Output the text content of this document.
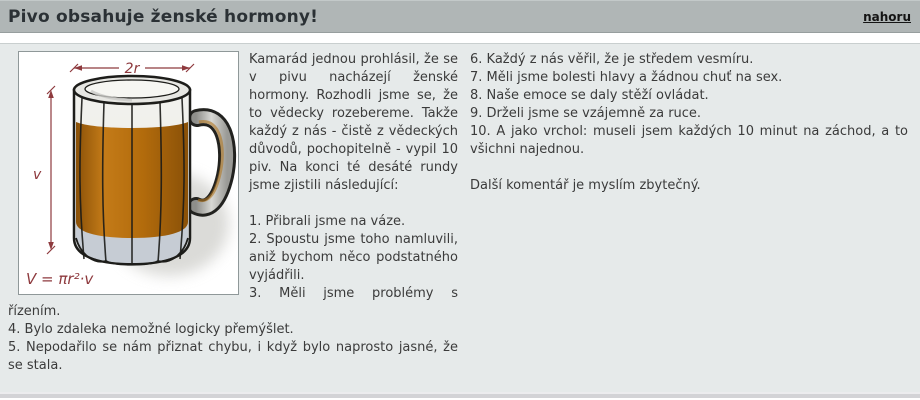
Pivo obsahuje ženské hormony!	nahoru
2r
v
V = πr²·v

Kamarád jednou prohlásil, že se v pivu nacházejí ženské hormony. Rozhodli jsme se, že to vědecky rozebereme. Takže každý z nás - čistě z vědeckých důvodů, pochopitelně - vypil 10 piv. Na konci té desáté rundy jsme zjistili následující:

1. Přibrali jsme na váze.
2. Spoustu jsme toho namluvili, aniž bychom něco podstatného vyjádřili.
3. Měli jsme problémy s řízením.
4. Bylo zdaleka nemožné logicky přemýšlet.
5. Nepodařilo se nám přiznat chybu, i když bylo naprosto jasné, že se stala.
6. Každý z nás věřil, že je středem vesmíru.
7. Měli jsme bolesti hlavy a žádnou chuť na sex.
8. Naše emoce se daly stěží ovládat.
9. Drželi jsme se vzájemně za ruce.
10. A jako vrchol: museli jsem každých 10 minut na záchod, a to všichni najednou.

Další komentář je myslím zbytečný.
